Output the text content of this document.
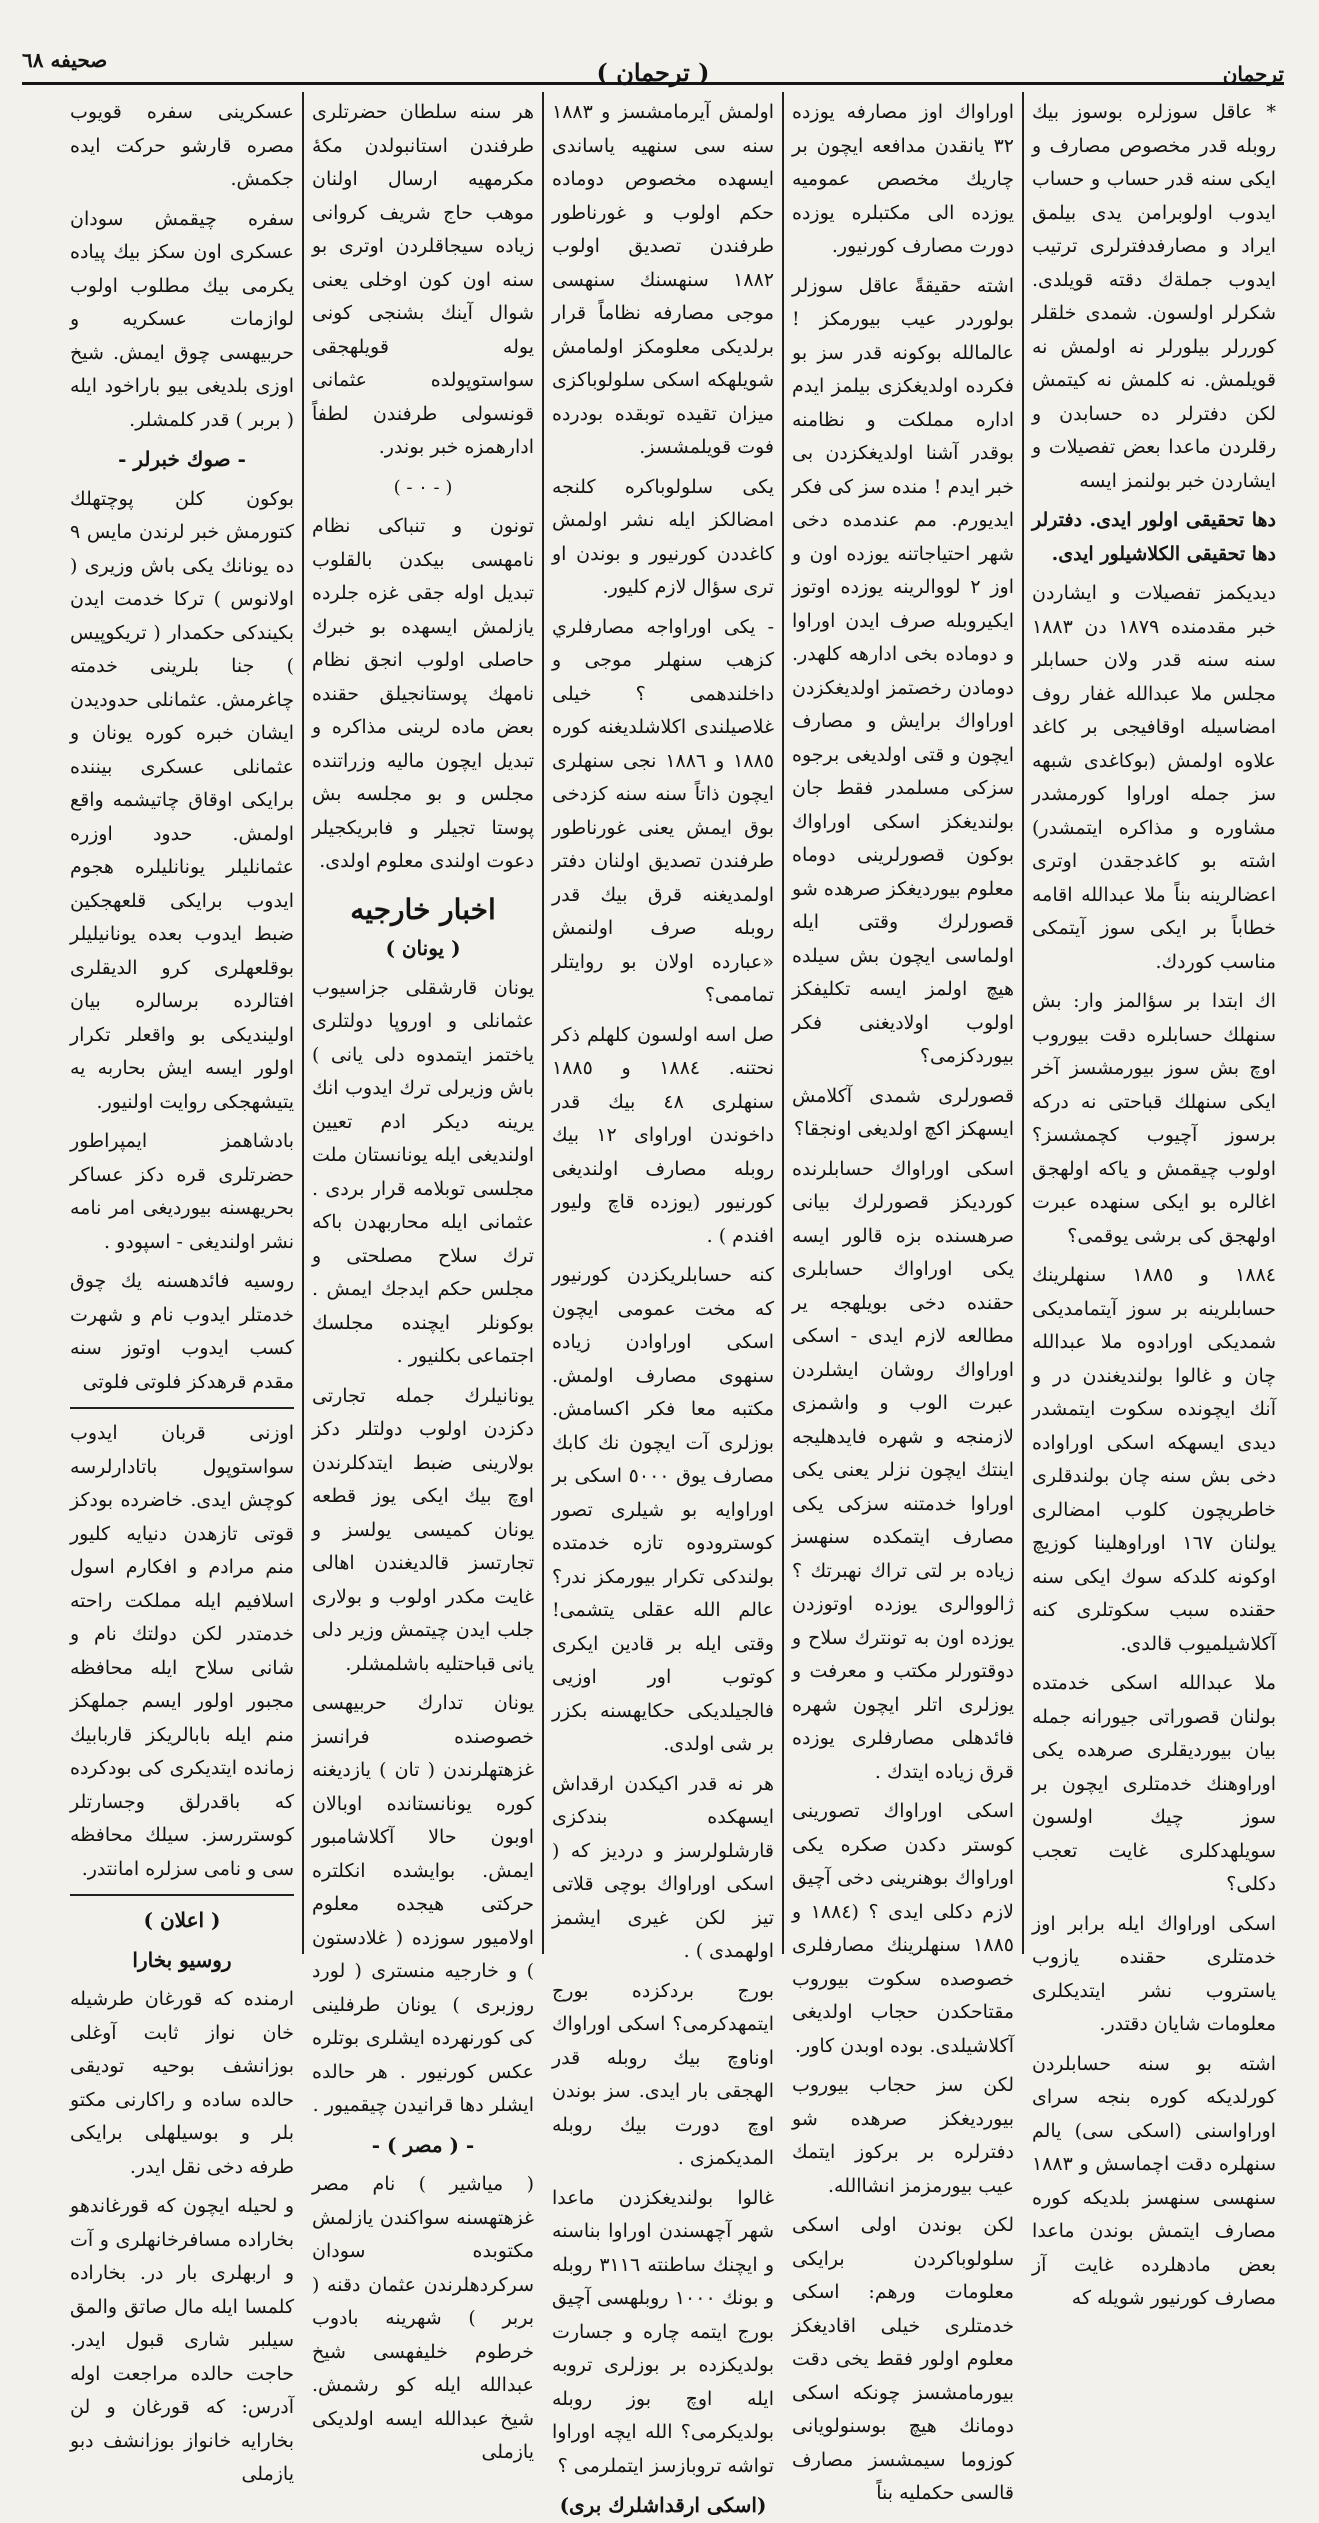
ترجمان
( ترجمان )
صحيفه ٦٨

* عاقل سوزلره بوسوز بيك روبله قدر مخصوص مصارف و ايكى سنه قدر حساب و حساب ايدوب اولوبرامن يدى بيلمق ايراد و مصارفدفترلرى ترتيب ايدوب جملةك دقته قويلدى. شكرلر اولسون. شمدى خلقلر كوررلر بيلورلر نه اولمش نه قويلمش. نه كلمش نه كيتمش لكن دفترلر ده حسابدن و رقلردن ماعدا بعض تفصيلات و ايشاردن خبر بولنمز ايسه

دها تحقيقى اولور ايدى. دفترلر دها تحقيقى الكلاشيلور ايدى.

ديديكمز تفصيلات و ايشاردن خبر مقدمنده ١٨٧٩ دن ١٨٨٣ سنه سنه قدر ولان حسابلر مجلس ملا عبدالله غفار روف امضاسيله اوقافيجى بر كاغد علاوه اولمش (بوكاغدى شبهه سز جمله اوراوا كورمشدر مشاوره و مذاكره ايتمشدر) اشته بو كاغدجقدن اوترى اعضالرينه بناً ملا عبدالله اقامه خطاباً بر ايكى سوز آيتمكى مناسب كوردك.

اك ابتدا بر سؤالمز وار: بش سنهلك حسابلره دقت بيوروب اوچ بش سوز بيورمشسز آخر ايكى سنهلك قباحتى نه دركه برسوز آچيوب كچمشسز؟ اولوب چيقمش و ياكه اولهجق اغالره بو ايكى سنهده عبرت اولهجق كى برشى يوقمى؟

١٨٨٤ و ١٨٨٥ سنهلرينك حسابلرينه بر سوز آيتمامديكى شمديكى اورادوه ملا عبدالله چان و غالوا بولنديغندن در و آنك ايچونده سكوت ايتمشدر ديدى ايسهكه اسكى اوراواده دخى بش سنه چان بولندقلرى خاطريچون كلوب امضالرى يولنان ١٦٧ اوراوهلينا كوزيچ اوكونه كلدكه سوك ايكى سنه حقنده سبب سكوتلرى كنه آكلاشيلميوب قالدى.

ملا عبدالله اسكى خدمتده بولنان قصوراتى جيورانه جمله بيان بيورديقلرى صرهده يكى اوراوهنك خدمتلرى ايچون بر سوز چيك اولسون سويلهدكلرى غايت تعجب دكلى؟

اسكى اوراواك ايله برابر اوز خدمتلرى حقنده يازوب ياستروب نشر ايتديكلرى معلومات شايان دقتدر.

اشته بو سنه حسابلردن كورلديكه كوره بنجه سراى اوراواسنى (اسكى سى) يالم سنهلره دقت اچماسش و ١٨٨٣ سنهسى سنهسز بلديكه كوره مصارف ايتمش بوندن ماعدا بعض مادهلرده غايت آز مصارف كورنيور شويله كه

اوراواك اوز مصارفه يوزده ٣٢ يانقدن مدافعه ايچون بر چاريك مخصص عموميه يوزده الى مكتبلره يوزده دورت مصارف كورنيور.

اشته حقيقةً عاقل سوزلر بولوردر عيب بيورمكز ! عالمالله بوكونه قدر سز بو فكرده اولديغكزى بيلمز ايدم اداره مملكت و نظامنه بوقدر آشنا اولديغكزدن بى خبر ايدم ! منده سز كى فكر ايديورم. مم عندمده دخى شهر احتياجاتنه يوزده اون و اوز ٢ لووالرينه يوزده اوتوز ايكيروبله صرف ايدن اوراوا و دوماده بخى ادارهه كلهدر. دومادن رخصتمز اولديغكزدن اوراواك برايش و مصارف ايچون و قتى اولديغى برجوه سزكى مسلمدر فقط جان بولنديغكز اسكى اوراواك بوكون قصورلرينى دوماه معلوم بيورديغكز صرهده شو قصورلرك وقتى ايله اولماسى ايچون بش سيلده هيچ اولمز ايسه تكليفكز اولوب اولاديغنى فكر بيوردكزمى؟

قصورلرى شمدى آكلامش ايسهكز اكچ اولديغى اونجقا؟

اسكى اوراواك حسابلرنده كورديكز قصورلرك بيانى صرهسنده بزه قالور ايسه يكى اوراواك حسابلرى حقنده دخى بويلهجه ير مطالعه لازم ايدى - اسكى اوراواك روشان ايشلردن عبرت الوب و واشمزى لازمنجه و شهره فايدهليجه اينتك ايچون نزلر يعنى يكى اوراوا خدمتنه سزكى يكى مصارف ايتمكده سنهسز زياده بر لتى تراك نهبرتك ؟ ژالووالرى يوزده اوتوزدن يوزده اون به تونترك سلاح و دوقتورلر مكتب و معرفت و يوزلرى اتلر ايچون شهره فائدهلى مصارفلرى يوزده قرق زياده ايتدك .

اسكى اوراواك تصورينى كوستر دكدن صكره يكى اوراواك بوهنرينى دخى آچيق لازم دكلى ايدى ؟ (١٨٨٤ و ١٨٨٥ سنهلرينك مصارفلرى خصوصده سكوت بيوروب مقتاحكدن حجاب اولديغى آكلاشيلدى. بوده اوبدن كاور.

لكن سز حجاب بيوروب بيورديغكز صرهده شو دفترلره بر بركوز ايتمك عيب بيورمزمز انشاالله.

لكن بوندن اولى اسكى سلولوباكردن برايكى معلومات ورهم: اسكى خدمتلرى خيلى اقاديغكز معلوم اولور فقط يخى دقت بيورمامشسز چونكه اسكى دومانك هيچ بوسنولويانى كوزوما سيمشسز مصارف قالسى حكمليه بناً

اولمش آيرمامشسز و ١٨٨٣ سنه سى سنهيه ياساندى ايسهده مخصوص دوماده حكم اولوب و غورناطور طرفندن تصديق اولوب ١٨٨٢ سنهسنك سنهسى موجى مصارفه نظاماً قرار برلديكى معلومكز اولمامش شويلهكه اسكى سلولوباكزى ميزان تقيده توبقده بودرده فوت قويلمشسز.

يكى سلولوباكره كلنجه امضالكز ايله نشر اولمش كاغددن كورنيور و بوندن او ترى سؤال لازم كليور.

- يكى اوراواجه مصارفلري كزهب سنهلر موجى و داخلندهمى ؟ خيلى غلاصيلندى اكلاشلديغنه كوره ١٨٨٥ و ١٨٨٦ نجى سنهلرى ايچون ذاتاً سنه سنه كزدخى بوق ايمش يعنى غورناطور طرفندن تصديق اولنان دفتر اولمديغنه قرق بيك قدر روبله صرف اولنمش «عبارده اولان بو روايتلر تماممى؟

صل اسه اولسون كلهلم ذكر نحتنه. ١٨٨٤ و ١٨٨٥ سنهلرى ٤٨ بيك قدر داخوندن اوراواى ١٢ بيك روبله مصارف اولنديغى كورنيور (يوزده قاچ وليور افندم ) .

كنه حسابلريكزدن كورنيور كه مخت عمومى ايچون اسكى اوراوادن زياده سنهوى مصارف اولمش. مكتبه معا فكر اكسامش. بوزلرى آت ايچون نك كابك مصارف يوق ٥٠٠٠ اسكى بر اوراوايه بو شيلرى تصور كوسترودوه تازه خدمتده بولندكى تكرار بيورمكز ندر؟ عالم الله عقلى يتشمى! وقتى ايله بر قادين ايكرى كوتوب اور اوزيى فالجيلديكى حكايهسنه بكزر بر شى اولدى.

هر نه قدر اكيكدن ارقداش ايسهكده بندكزى قارشلولرسز و درديز كه ( اسكى اوراواك بوچى قلاتى تيز لكن غيرى ايشمز اولهمدى ) .

بورج بردكزده بورج ايتمهدكرمى؟ اسكى اوراواك اوناوچ بيك روبله قدر الهجقى بار ايدى. سز بوندن اوچ دورت بيك روبله المديكمزى .

غالوا بولنديغكزدن ماعدا شهر آچهسندن اوراوا بناسنه و ايچنك ساطنته ٣١١٦ روبله و بونك ١٠٠٠ روبلهسى آچيق بورج ايتمه چاره و جسارت بولديكزده بر بوزلرى تروبه ايله اوچ بوز روبله بولديكرمى؟ الله ايچه اوراوا تواشه تروبازسز ايتملرمى ؟

(اسكى ارقداشلرك برى)

هر سنه سلطان حضرتلرى طرفندن استانبولدن مكهٔ مكرمهيه ارسال اولنان موهب حاج شريف كروانى زياده سيجاقلردن اوترى بو سنه اون كون اوخلى يعنى شوال آينك بشنجى كونى يوله قويلهجقى سواستوپولده عثمانى قونسولى طرفندن لطفاً ادارهمزه خبر بوندر.

( - ٠ - )

تونون و تنباكى نظام نامهسى بيكدن بالقلوب تبديل اوله جقى غزه جلرده يازلمش ايسهده بو خبرك حاصلى اولوب انجق نظام نامهك پوستانجيلق حقنده بعض ماده لرينى مذاكره و تبديل ايچون ماليه وزراتنده مجلس و بو مجلسه بش پوستا تجيلر و فابريكجيلر دعوت اولندى معلوم اولدى.

اخبار خارجيه
( يونان )

يونان قارشقلى جزاسيوب عثمانلى و اوروپا دولتلرى ياختمز ايتمدوه دلى يانى ) باش وزيرلى ترك ايدوب انك يرينه ديكر ادم تعيين اولنديغى ايله يونانستان ملت مجلسى توبلامه قرار بردى . عثمانى ايله محاربهدن باكه ترك سلاح مصلحتى و مجلس حكم ايدجك ايمش . بوكونلر ايچنده مجلسك اجتماعى بكلنيور .

يونانيلرك جمله تجارتى دكزدن اولوب دولتلر دكز بولارينى ضبط ايتدكلرندن اوچ بيك ايكى يوز قطعه يونان كميسى يولسز و تجارتسز قالديغندن اهالى غايت مكدر اولوب و بولارى جلب ايدن چيتمش وزير دلى يانى قباحتليه باشلمشلر.

يونان تدارك حربيهسى خصوصنده فرانسز غزهتهلرندن ( تان ) يازديغنه كوره يونانستانده اوبالان اوبون حالا آكلاشامبور ايمش. بوايشده انكلتره حركتى هيجده معلوم اولاميور سوزده ( غلادستون ) و خارجيه منسترى ( لورد روزبرى ) يونان طرفلينى كى كورنهرده ايشلرى بوتلره عكس كورنيور . هر حالده ايشلر دها قرانيدن چيقميور .

- ( مصر ) -

( مياشير ) نام مصر غزهتهسنه سواكندن يازلمش مكتوبده سودان سركردهلرندن عثمان دقنه ( بربر ) شهرينه بادوب خرطوم خليفهسى شيخ عبدالله ايله كو رشمش. شيخ عبدالله ايسه اولديكى يازملى

عسكرينى سفره قويوب مصره قارشو حركت ايده جكمش.

سفره چيقمش سودان عسكرى اون سكز بيك پياده يكرمى بيك مطلوب اولوب لوازمات عسكريه و حربيهسى چوق ايمش. شيخ اوزى بلديغى بيو باراخود ايله ( بربر ) قدر كلمشلر.

- صوك خبرلر -

بوكون كلن پوچتهلك كتورمش خبر لرندن مايس ٩ ده يونانك يكى باش وزيرى ( اولانوس ) تركا خدمت ايدن بكيندكى حكمدار ( تريكوپيس ) جنا بلرينى خدمته چاغرمش. عثمانلى حدوديدن ايشان خبره كوره يونان و عثمانلى عسكرى بيننده برايكى اوقاق چاتيشمه واقع اولمش. حدود اوزره عثمانليلر يونانليلره هجوم ايدوب برايكى قلعهجكين ضبط ايدوب بعده يونانيليلر بوقلعهلرى كرو الديقلرى افتالرده برسالره بيان اولينديكى بو واقعلر تكرار اولور ايسه ايش بحاربه يه يتيشهجكى روايت اولنيور.

بادشاهمز ايمپراطور حضرتلرى قره دكز عساكر بحريهسنه بيورديغى امر نامه نشر اولنديغى - اسپودو .

روسيه فائدهسنه يك چوق خدمتلر ايدوب نام و شهرت كسب ايدوب اوتوز سنه مقدم قرهدكز فلوتى فلوتى

اوزنى قربان ايدوب سواستوپول باتادارلرسه كوچش ايدى. خاضرده بودكز قوتى تازهدن دنيايه كليور منم مرادم و افكارم اسول اسلافيم ايله مملكت راحته خدمتدر لكن دولتك نام و شانى سلاح ايله محافظه مجبور اولور ايسم جملهكز منم ايله بابالريكز قاربابيك زمانده ايتديكرى كى بودكرده كه باقدرلق وجسارتلر كوستررسز. سيلك محافظه سى و نامى سزلره امانتدر.

( اعلان )
روسيو بخارا

ارمنده كه قورغان طرشيله خان نواز ثابت آوغلى بوزانشف بوحيه توديقى حالده ساده و راكارنى مكتو بلر و بوسيلهلى برايكى طرفه دخى نقل ايدر.

و لحيله ايچون كه قورغاندهو بخاراده مسافرخانهلرى و آت و اربهلرى بار در. بخاراده كلمسا ايله مال صاتق والمق سيلبر شارى قبول ايدر. حاجت حالده مراجعت اوله آدرس: كه قورغان و لن بخارايه خانواز بوزانشف دبو يازملى
